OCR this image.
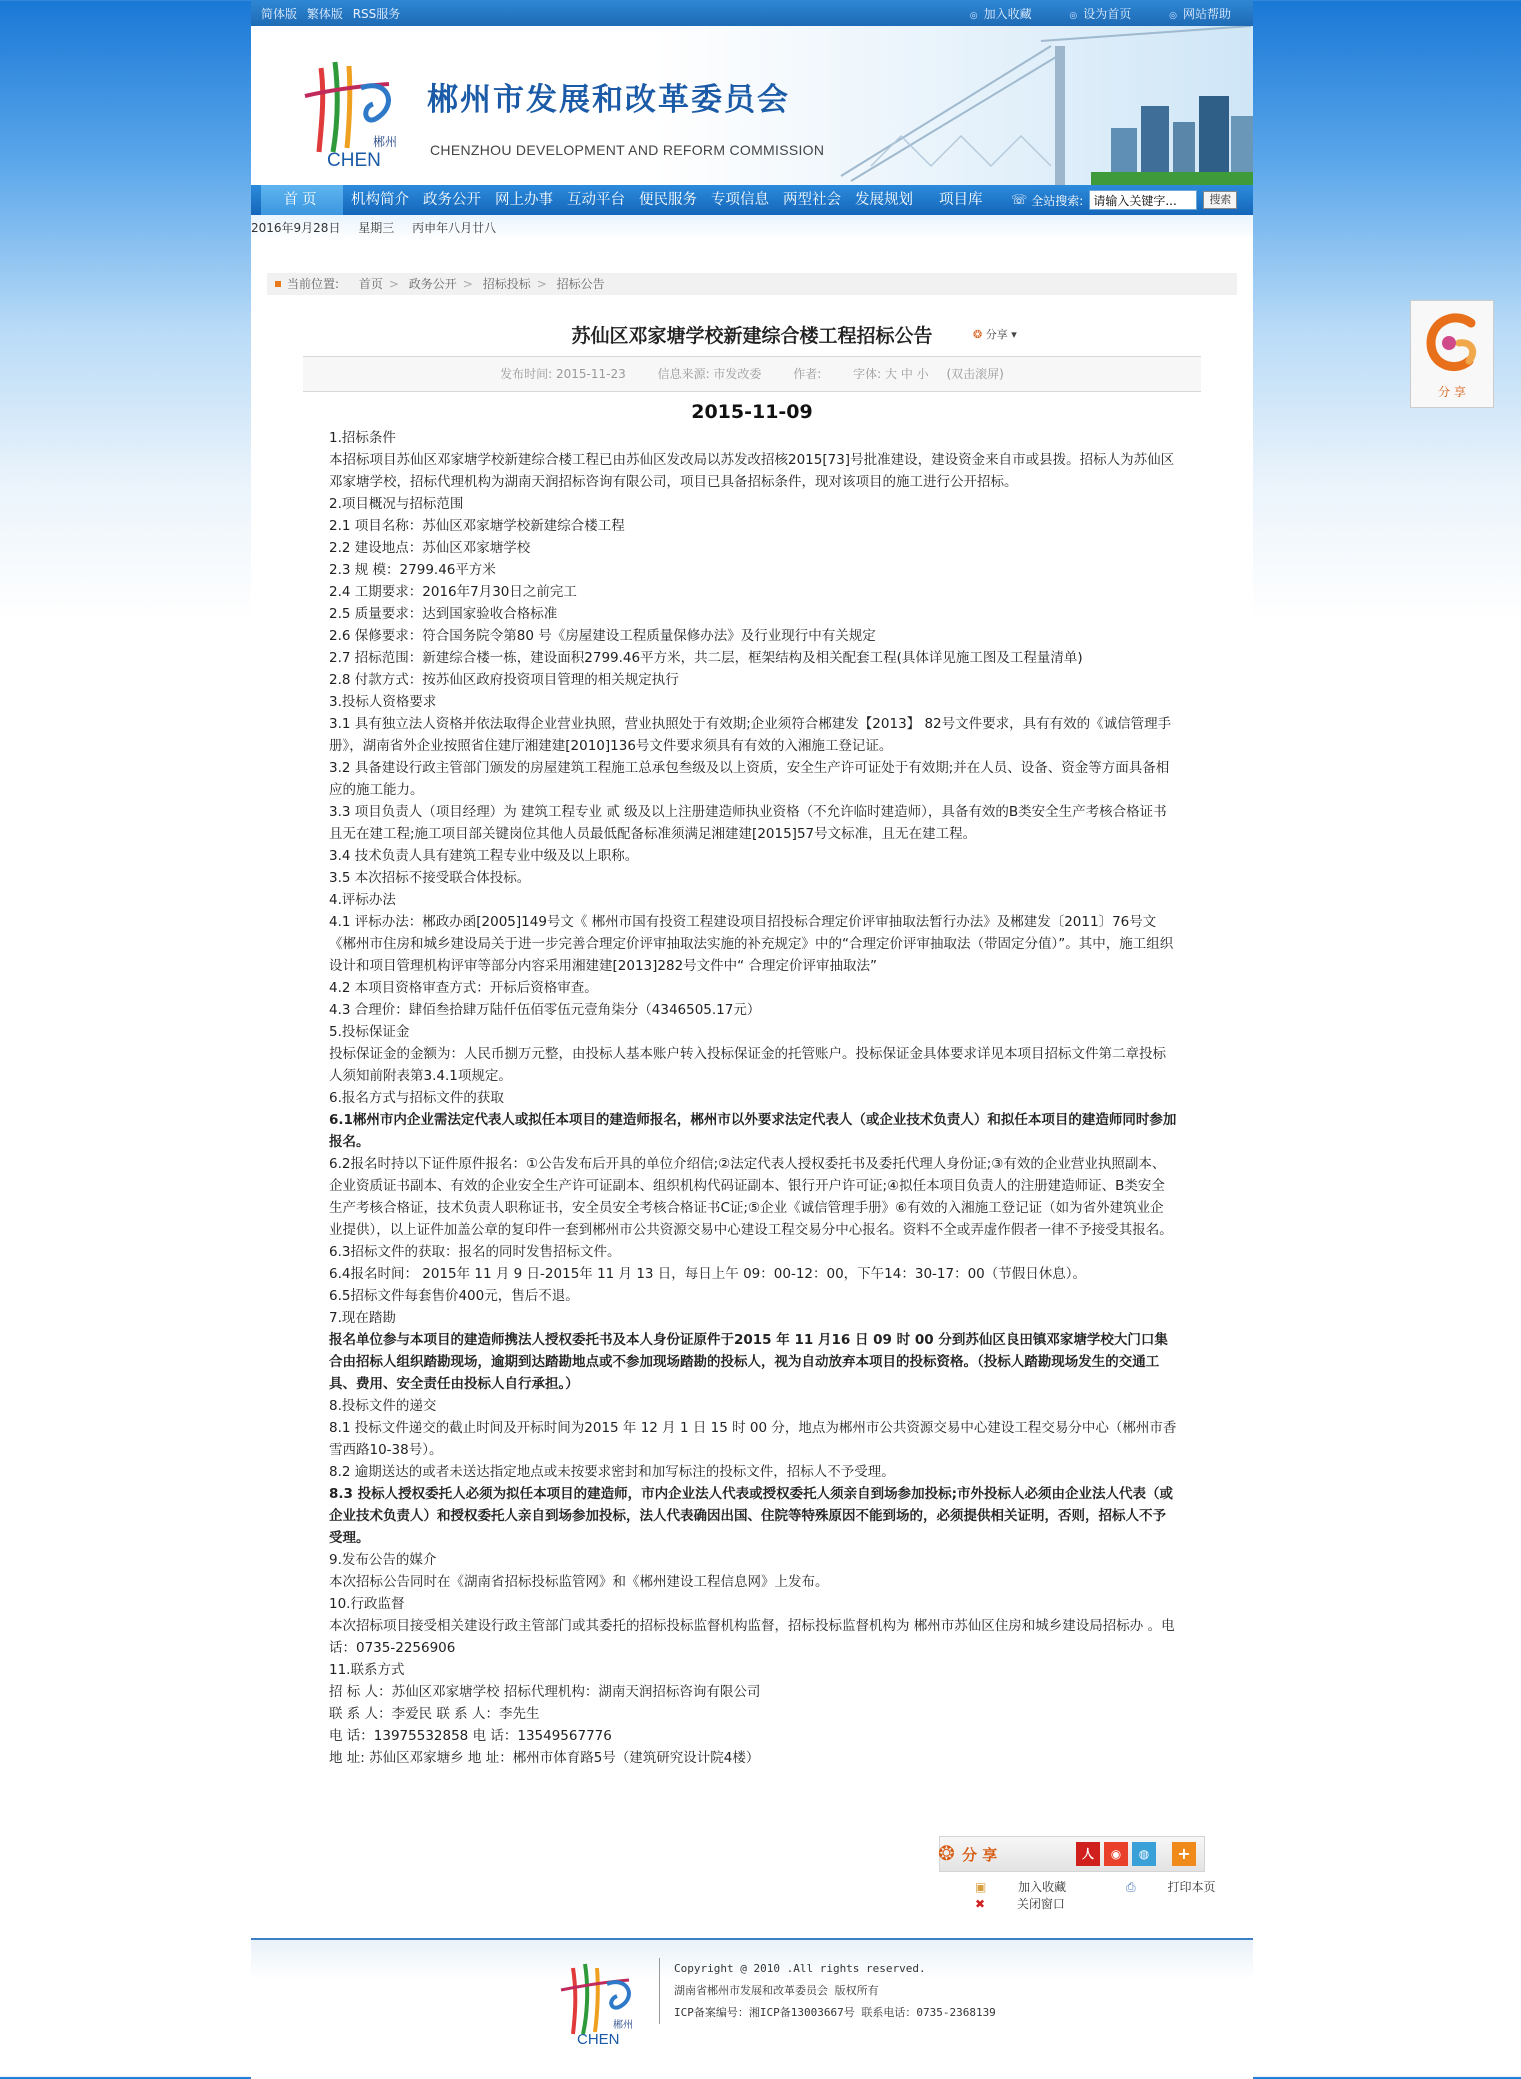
简体版 繁体版 RSS服务	◎ 加入收藏	◎ 设为首页	◎ 网站帮助
郴州
CHEN
郴州市发展和改革委员会
CHENZHOU DEVELOPMENT AND REFORM COMMISSION
首页	机构简介 政务公开 网上办事 互动平台 便民服务 专项信息 两型社会 发展规划 项目库 ☏ 全站搜索:
请输入关键字...	搜索
2016年9月28日 星期三 丙申年八月廿八
当前位置: 首页 > 政务公开 > 招标投标 > 招标公告
苏仙区邓家塘学校新建综合楼工程招标公告	❂ 分享 ▾
发布时间: 2015-11-23	信息来源: 市发改委	作者:	字体: 大 中 小 (双击滚屏)
2015-11-09

1.招标条件

本招标项目苏仙区邓家塘学校新建综合楼工程已由苏仙区发改局以苏发改招核2015[73]号批准建设，建设资金来自市或县拨。招标人为苏仙区邓家塘学校，招标代理机构为湖南天润招标咨询有限公司，项目已具备招标条件，现对该项目的施工进行公开招标。

2.项目概况与招标范围

2.1 项目名称：苏仙区邓家塘学校新建综合楼工程

2.2 建设地点：苏仙区邓家塘学校

2.3 规 模：2799.46平方米

2.4 工期要求：2016年7月30日之前完工

2.5 质量要求：达到国家验收合格标准

2.6 保修要求：符合国务院令第80 号《房屋建设工程质量保修办法》及行业现行中有关规定

2.7 招标范围：新建综合楼一栋，建设面积2799.46平方米，共二层，框架结构及相关配套工程(具体详见施工图及工程量清单)

2.8 付款方式：按苏仙区政府投资项目管理的相关规定执行

3.投标人资格要求

3.1 具有独立法人资格并依法取得企业营业执照，营业执照处于有效期;企业须符合郴建发【2013】 82号文件要求，具有有效的《诚信管理手册》，湖南省外企业按照省住建厅湘建建[2010]136号文件要求须具有有效的入湘施工登记证。

3.2 具备建设行政主管部门颁发的房屋建筑工程施工总承包叁级及以上资质，安全生产许可证处于有效期;并在人员、设备、资金等方面具备相应的施工能力。

3.3 项目负责人（项目经理）为 建筑工程专业 贰 级及以上注册建造师执业资格（不允许临时建造师），具备有效的B类安全生产考核合格证书且无在建工程;施工项目部关键岗位其他人员最低配备标准须满足湘建建[2015]57号文标准，且无在建工程。

3.4 技术负责人具有建筑工程专业中级及以上职称。

3.5 本次招标不接受联合体投标。

4.评标办法

4.1 评标办法：郴政办函[2005]149号文《 郴州市国有投资工程建设项目招投标合理定价评审抽取法暂行办法》及郴建发〔2011〕76号文《郴州市住房和城乡建设局关于进一步完善合理定价评审抽取法实施的补充规定》中的“合理定价评审抽取法（带固定分值）”。其中，施工组织设计和项目管理机构评审等部分内容采用湘建建[2013]282号文件中“ 合理定价评审抽取法”

4.2 本项目资格审查方式：开标后资格审查。

4.3 合理价：肆佰叁拾肆万陆仟伍佰零伍元壹角柒分（4346505.17元）

5.投标保证金

投标保证金的金额为：人民币捌万元整，由投标人基本账户转入投标保证金的托管账户。投标保证金具体要求详见本项目招标文件第二章投标人须知前附表第3.4.1项规定。

6.报名方式与招标文件的获取

6.1郴州市内企业需法定代表人或拟任本项目的建造师报名，郴州市以外要求法定代表人（或企业技术负责人）和拟任本项目的建造师同时参加报名。

6.2报名时持以下证件原件报名：①公告发布后开具的单位介绍信;②法定代表人授权委托书及委托代理人身份证;③有效的企业营业执照副本、企业资质证书副本、有效的企业安全生产许可证副本、组织机构代码证副本、银行开户许可证;④拟任本项目负责人的注册建造师证、B类安全生产考核合格证，技术负责人职称证书，安全员安全考核合格证书C证;⑤企业《诚信管理手册》⑥有效的入湘施工登记证（如为省外建筑业企业提供），以上证件加盖公章的复印件一套到郴州市公共资源交易中心建设工程交易分中心报名。资料不全或弄虚作假者一律不予接受其报名。

6.3招标文件的获取：报名的同时发售招标文件。

6.4报名时间： 2015年 11 月 9 日-2015年 11 月 13 日，每日上午 09：00-12：00，下午14：30-17：00（节假日休息）。

6.5招标文件每套售价400元，售后不退。

7.现在踏勘

报名单位参与本项目的建造师携法人授权委托书及本人身份证原件于2015 年 11 月16 日 09 时 00 分到苏仙区良田镇邓家塘学校大门口集合由招标人组织踏勘现场，逾期到达踏勘地点或不参加现场踏勘的投标人，视为自动放弃本项目的投标资格。（投标人踏勘现场发生的交通工具、费用、安全责任由投标人自行承担。）

8.投标文件的递交

8.1 投标文件递交的截止时间及开标时间为2015 年 12 月 1 日 15 时 00 分，地点为郴州市公共资源交易中心建设工程交易分中心（郴州市香雪西路10-38号）。

8.2 逾期送达的或者未送达指定地点或未按要求密封和加写标注的投标文件，招标人不予受理。

8.3 投标人授权委托人必须为拟任本项目的建造师，市内企业法人代表或授权委托人须亲自到场参加投标;市外投标人必须由企业法人代表（或企业技术负责人）和授权委托人亲自到场参加投标，法人代表确因出国、住院等特殊原因不能到场的，必须提供相关证明，否则，招标人不予受理。

9.发布公告的媒介

本次招标公告同时在《湖南省招标投标监管网》和《郴州建设工程信息网》上发布。

10.行政监督

本次招标项目接受相关建设行政主管部门或其委托的招标投标监督机构监督，招标投标监督机构为 郴州市苏仙区住房和城乡建设局招标办 。电话：0735-2256906

11.联系方式

招 标 人：苏仙区邓家塘学校 招标代理机构：湖南天润招标咨询有限公司

联 系 人：李爱民 联 系 人：李先生

电 话：13975532858 电 话：13549567776

地 址: 苏仙区邓家塘乡 地 址：郴州市体育路5号（建筑研究设计院4楼）

❂ 分 享	人	◉	◍	+
▣	加入收藏	⎙	打印本页 ✖	关闭窗口
郴州
CHEN
Copyright @ 2010 .All rights reserved.
湖南省郴州市发展和改革委员会 版权所有
ICP备案编号：湘ICP备13003667号 联系电话：0735-2368139
分 享
